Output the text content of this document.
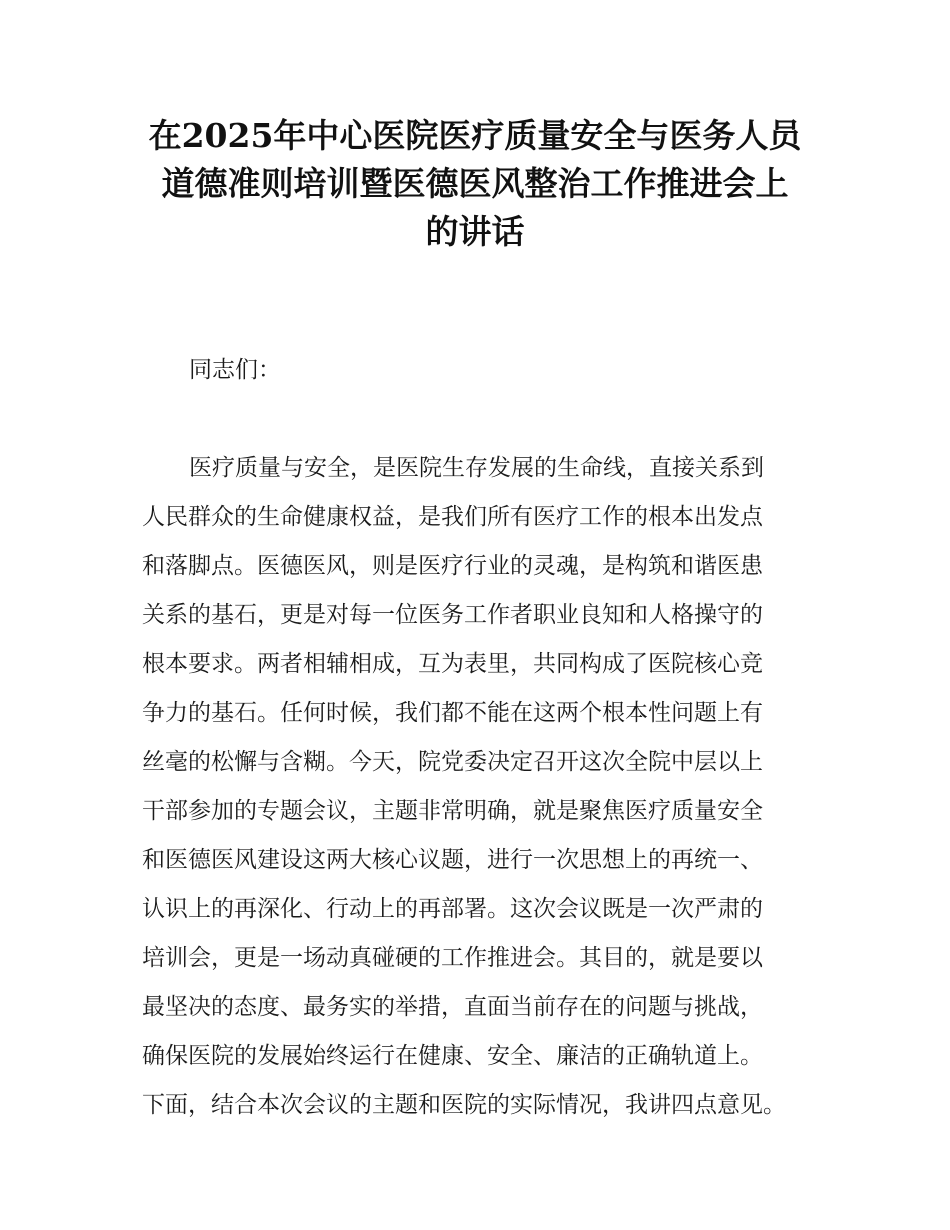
在2025年中心医院医疗质量安全与医务人员
道德准则培训暨医德医风整治工作推进会上
的讲话
同志们：
医疗质量与安全，是医院生存发展的生命线，直接关系到
人民群众的生命健康权益，是我们所有医疗工作的根本出发点
和落脚点。医德医风，则是医疗行业的灵魂，是构筑和谐医患
关系的基石，更是对每一位医务工作者职业良知和人格操守的
根本要求。两者相辅相成，互为表里，共同构成了医院核心竞
争力的基石。任何时候，我们都不能在这两个根本性问题上有
丝毫的松懈与含糊。今天，院党委决定召开这次全院中层以上
干部参加的专题会议，主题非常明确，就是聚焦医疗质量安全
和医德医风建设这两大核心议题，进行一次思想上的再统一、
认识上的再深化、行动上的再部署。这次会议既是一次严肃的
培训会，更是一场动真碰硬的工作推进会。其目的，就是要以
最坚决的态度、最务实的举措，直面当前存在的问题与挑战，
确保医院的发展始终运行在健康、安全、廉洁的正确轨道上。
下面，结合本次会议的主题和医院的实际情况，我讲四点意见。
